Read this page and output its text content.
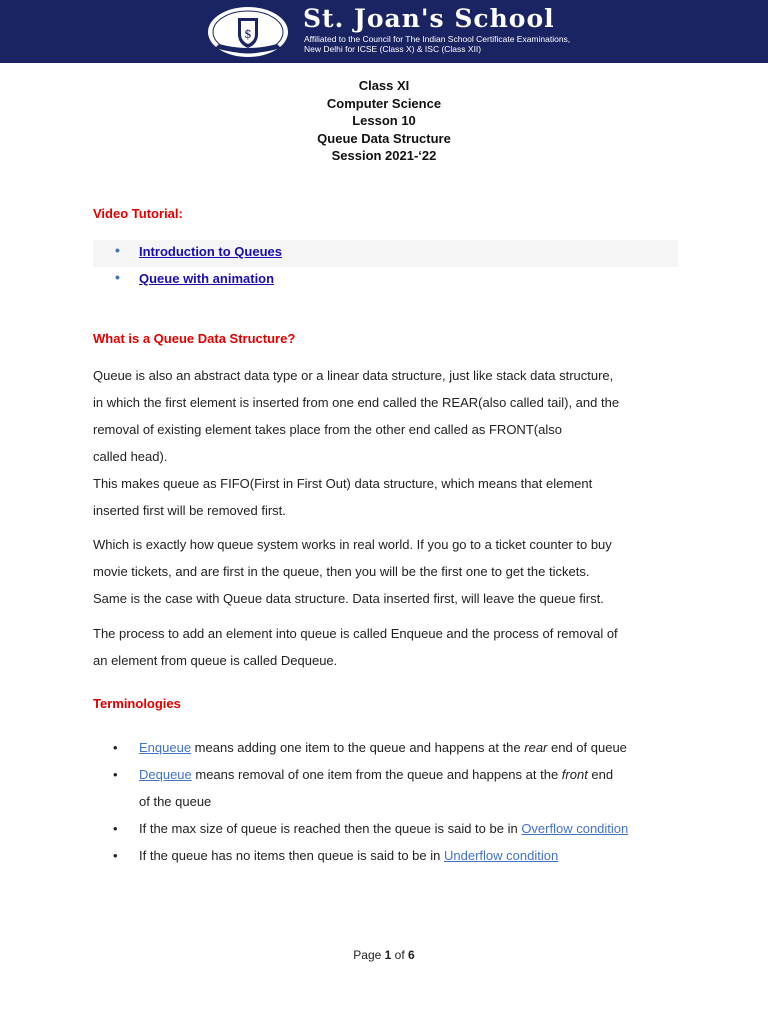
$
St. Joan's School
Affiliated to the Council for The Indian School Certificate Examinations, New Delhi for ICSE (Class X) & ISC (Class XII)
Class XI
Computer Science
Lesson 10
Queue Data Structure
Session 2021-‘22
Video Tutorial:
• Introduction to Queues
• Queue with animation
What is a Queue Data Structure?
Queue is also an abstract data type or a linear data structure, just like stack data structure,
in which the first element is inserted from one end called the REAR(also called tail), and the
removal of existing element takes place from the other end called as FRONT(also
called head).
This makes queue as FIFO(First in First Out) data structure, which means that element
inserted first will be removed first.
Which is exactly how queue system works in real world. If you go to a ticket counter to buy
movie tickets, and are first in the queue, then you will be the first one to get the tickets.
Same is the case with Queue data structure. Data inserted first, will leave the queue first.
The process to add an element into queue is called Enqueue and the process of removal of
an element from queue is called Dequeue.
Terminologies
• Enqueue means adding one item to the queue and happens at the rear end of queue
• Dequeue means removal of one item from the queue and happens at the front end
of the queue
• If the max size of queue is reached then the queue is said to be in Overflow condition
• If the queue has no items then queue is said to be in Underflow condition
Page 1 of 6
